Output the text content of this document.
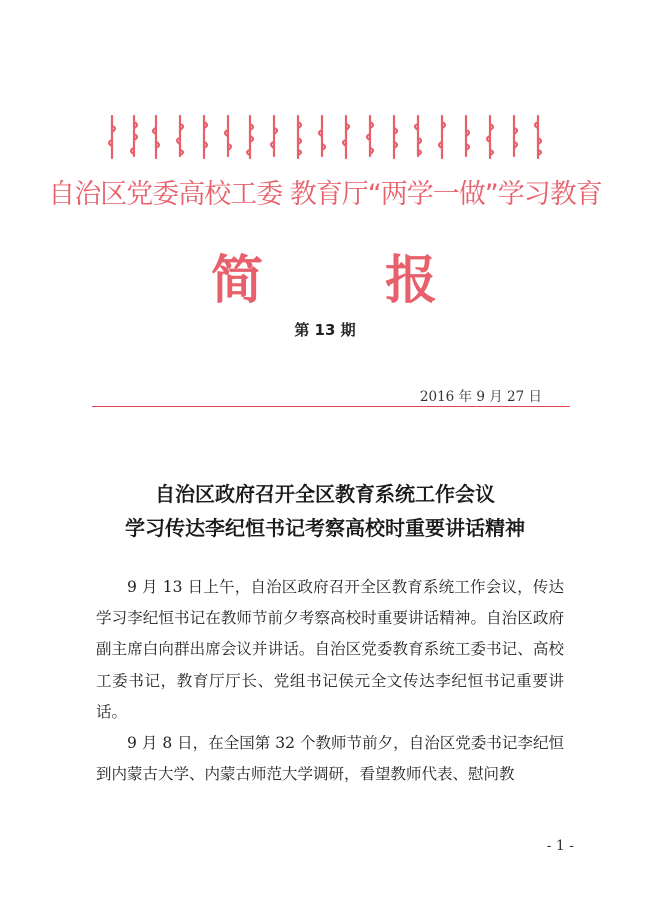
自治区党委高校工委 教育厅“两学一做”学习教育
简 报
第 13 期
2016 年 9 月 27 日
自治区政府召开全区教育系统工作会议
学习传达李纪恒书记考察高校时重要讲话精神

9 月 13 日上午，自治区政府召开全区教育系统工作会议，传达学习李纪恒书记在教师节前夕考察高校时重要讲话精神。自治区政府副主席白向群出席会议并讲话。自治区党委教育系统工委书记、高校工委书记，教育厅厅长、党组书记侯元全文传达李纪恒书记重要讲话。

9 月 8 日，在全国第 32 个教师节前夕，自治区党委书记李纪恒到内蒙古大学、内蒙古师范大学调研，看望教师代表、慰问教

- 1 -
